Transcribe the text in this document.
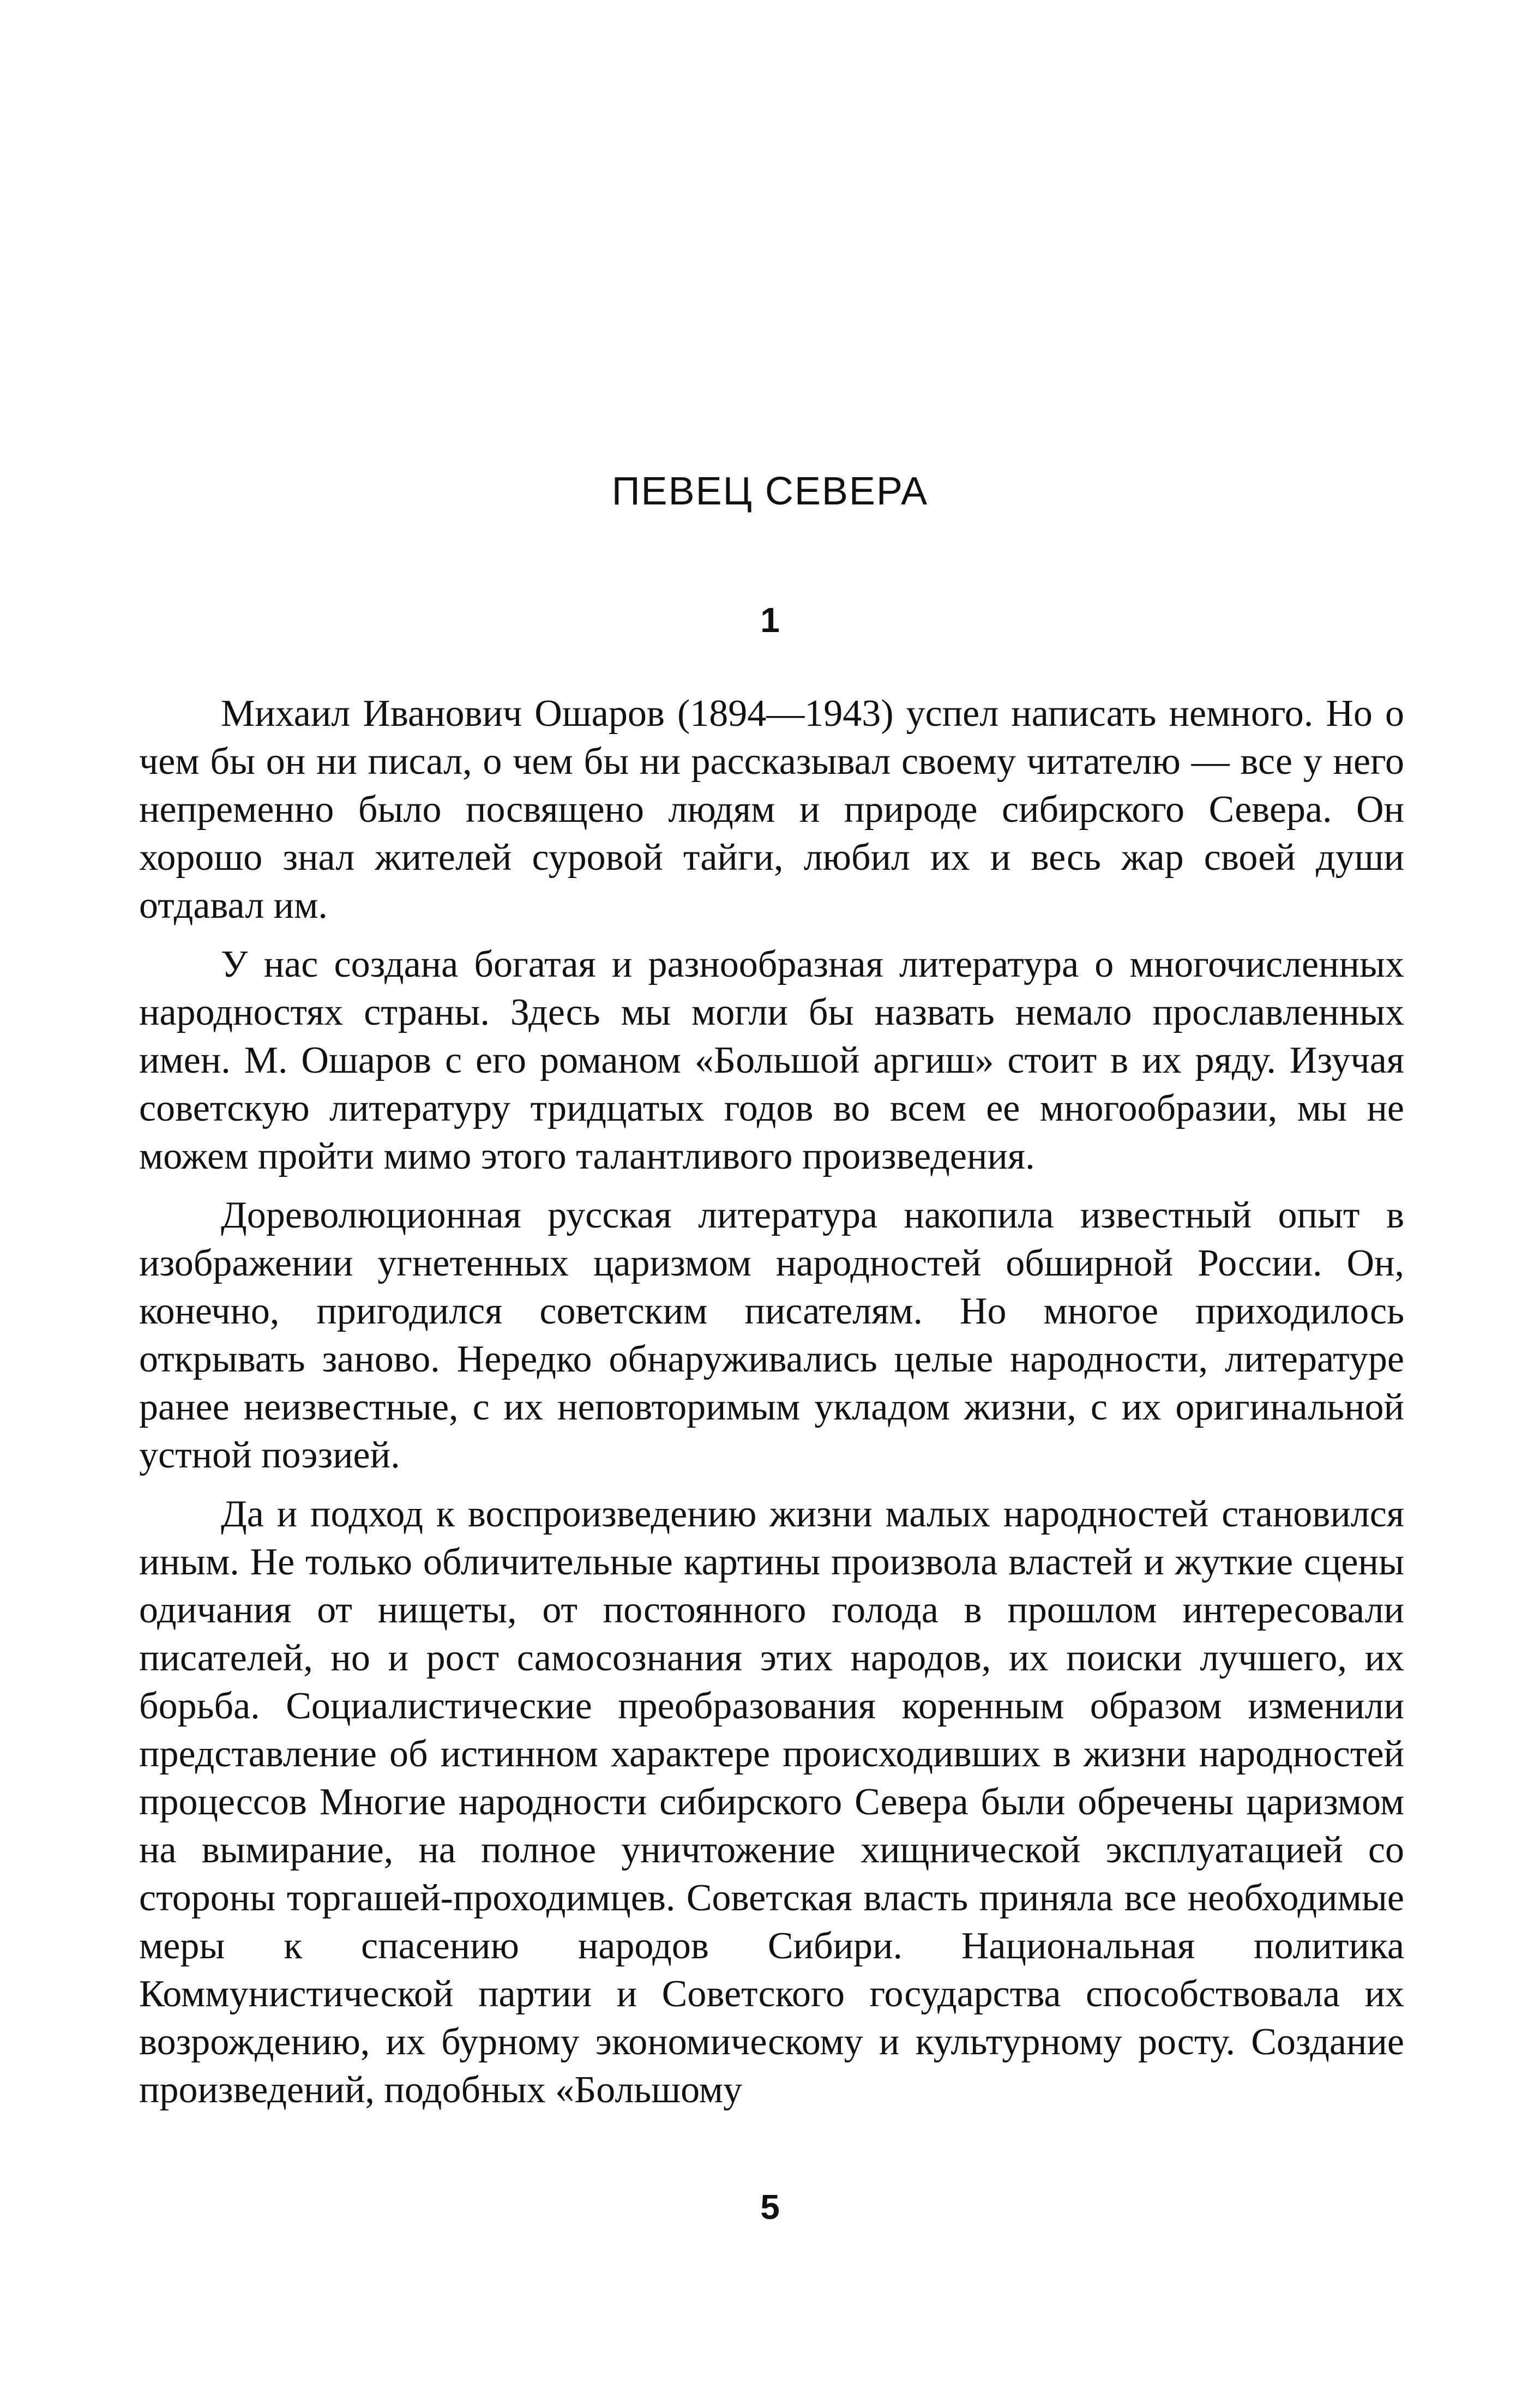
ПЕВЕЦ СЕВЕРА
1

Михаил Иванович Ошаров (1894—1943) успел написать немного. Но о чем бы он ни писал, о чем бы ни рассказывал своему читателю — все у него непременно было посвящено людям и природе сибирского Севера. Он хорошо знал жителей суровой тайги, любил их и весь жар своей души отдавал им.

У нас создана богатая и разнообразная литература о многочисленных народностях страны. Здесь мы могли бы назвать немало прославленных имен. М. Ошаров с его романом «Большой аргиш» стоит в их ряду. Изучая советскую литературу тридцатых годов во всем ее многообразии, мы не можем пройти мимо этого талантливого произведения.

Дореволюционная русская литература накопила известный опыт в изображении угнетенных царизмом народностей обширной России. Он, конечно, пригодился советским писателям. Но многое приходилось открывать заново. Нередко обнаруживались целые народности, литературе ранее неизвестные, с их неповторимым укладом жизни, с их оригинальной устной поэзией.

Да и подход к воспроизведению жизни малых народностей становился иным. Не только обличительные картины произвола властей и жуткие сцены одичания от нищеты, от постоянного голода в прошлом интересовали писателей, но и рост самосознания этих народов, их поиски лучшего, их борьба. Социалистические преобразования коренным образом изменили представление об истинном характере происходивших в жизни народностей процессов Многие народности сибирского Севера были обречены царизмом на вымирание, на полное уничтожение хищнической эксплуатацией со стороны торгашей-проходимцев. Советская власть приняла все необходимые меры к спасению народов Сибири. Национальная политика Коммунистической партии и Советского государства способствовала их возрождению, их бурному экономическому и культурному росту. Создание произведений, подобных «Большому

5
